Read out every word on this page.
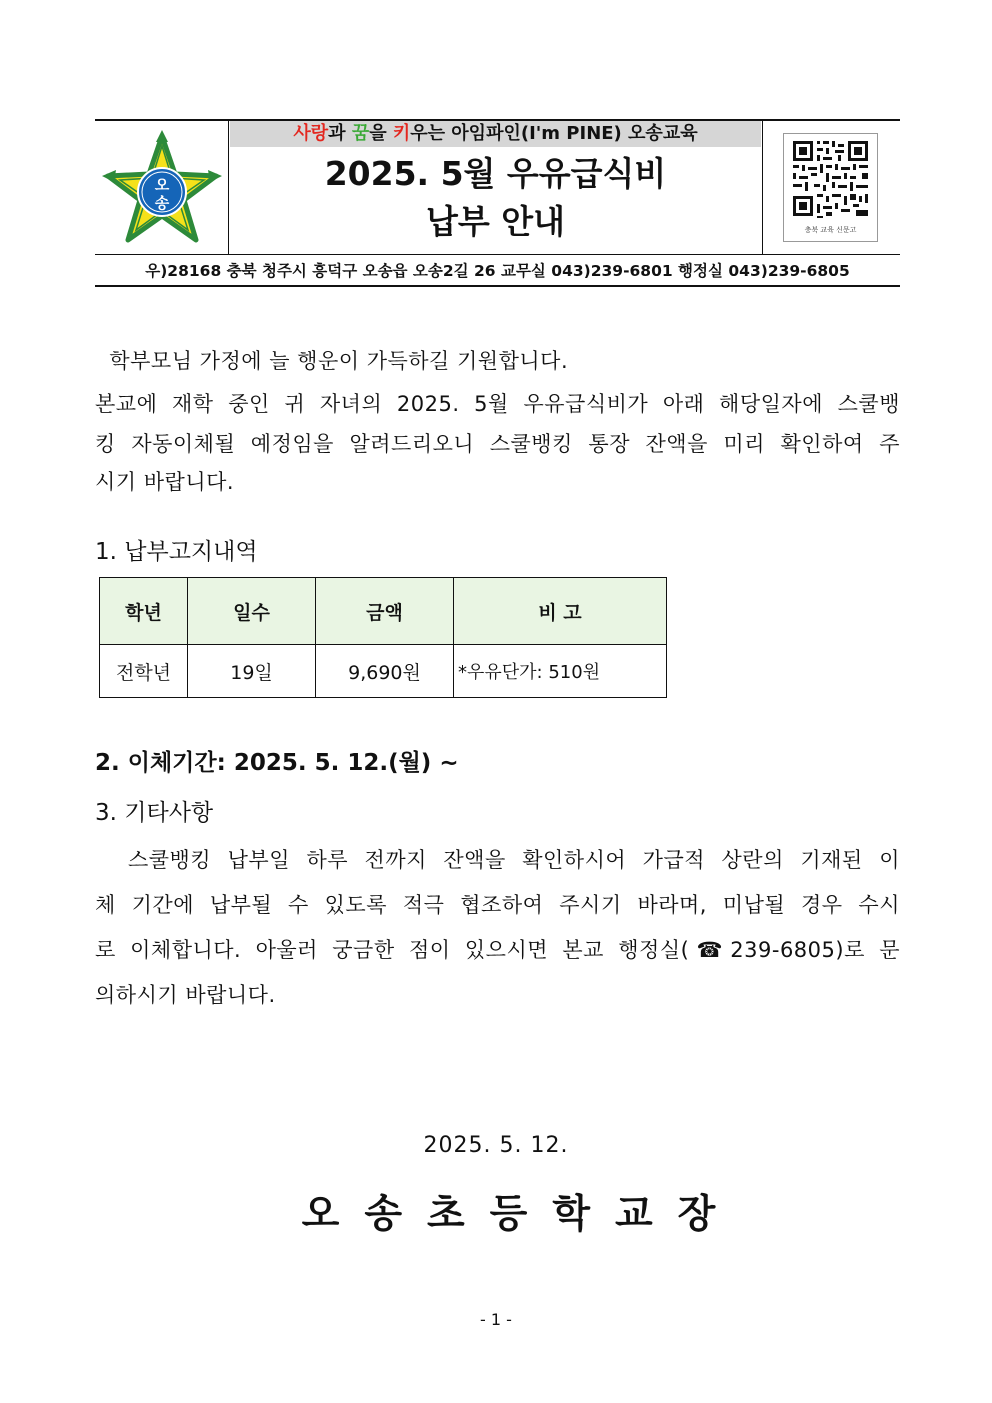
오
송
사랑과 꿈을 키우는 아임파인(I'm PINE) 오송교육
2025. 5월 우유급식비
납부 안내	충북 교육 신문고
우)28168 충북 청주시 흥덕구 오송읍 오송2길 26 교무실 043)239-6801 행정실 043)239-6805
학부모님 가정에 늘 행운이 가득하길 기원합니다.
본교에 재학 중인 귀 자녀의 2025. 5월 우유급식비가 아래 해당일자에 스쿨뱅
킹 자동이체될 예정임을 알려드리오니 스쿨뱅킹 통장 잔액을 미리 확인하여 주
시기 바랍니다.
1. 납부고지내역
학년	일수	금액	비 고
전학년	19일	9,690원	*우유단가: 510원
2. 이체기간: 2025. 5. 12.(월) ~
3. 기타사항
스쿨뱅킹 납부일 하루 전까지 잔액을 확인하시어 가급적 상란의 기재된 이
체 기간에 납부될 수 있도록 적극 협조하여 주시기 바라며, 미납될 경우 수시
로 이체합니다. 아울러 궁금한 점이 있으시면 본교 행정실(☎239-6805)로 문
의하시기 바랍니다.
2025. 5. 12.
오송초등학교장
- 1 -
